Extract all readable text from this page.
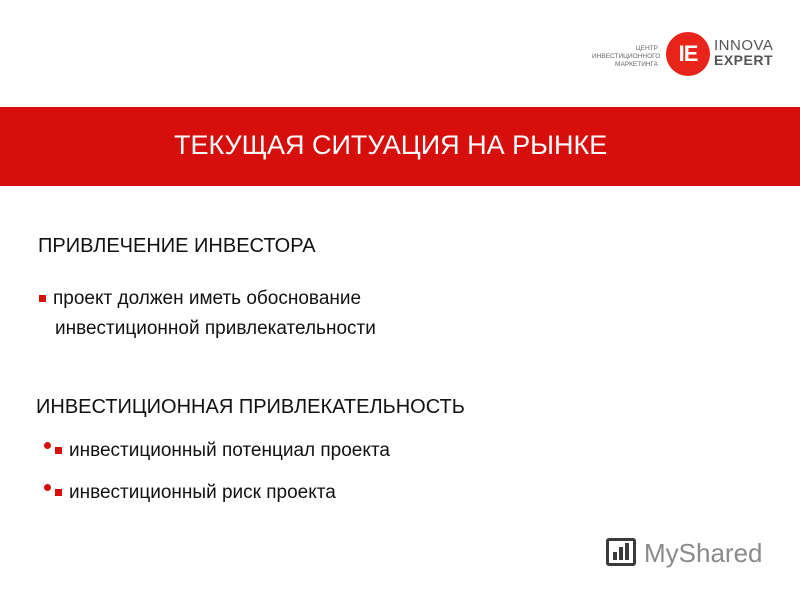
ЦЕНТР
ИНВЕСТИЦИОННОГО
МАРКЕТИНГА IE	INNOVA
EXPERT
ТЕКУЩАЯ СИТУАЦИЯ НА РЫНКЕ
ПРИВЛЕЧЕНИЕ ИНВЕСТОРА
проект должен иметь обоснование
инвестиционной привлекательности
ИНВЕСТИЦИОННАЯ ПРИВЛЕКАТЕЛЬНОСТЬ
инвестиционный потенциал проекта
инвестиционный риск проекта
MyShared
